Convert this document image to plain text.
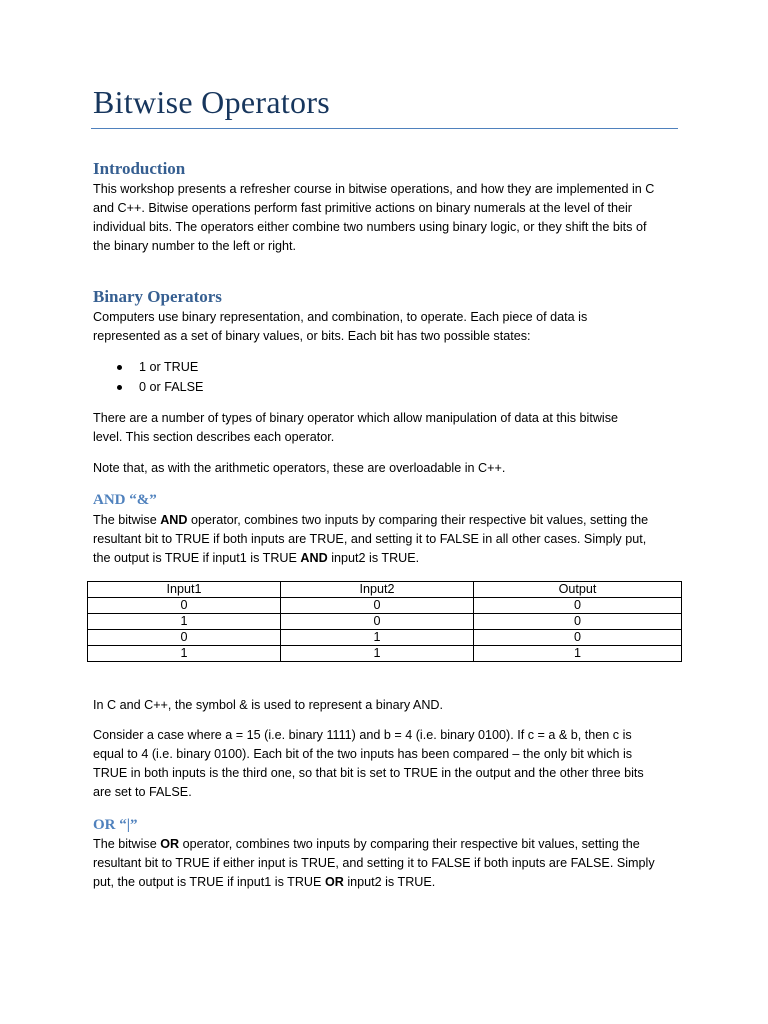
Bitwise Operators
Introduction
This workshop presents a refresher course in bitwise operations, and how they are implemented in C
and C++. Bitwise operations perform fast primitive actions on binary numerals at the level of their
individual bits. The operators either combine two numbers using binary logic, or they shift the bits of
the binary number to the left or right.
Binary Operators
Computers use binary representation, and combination, to operate. Each piece of data is
represented as a set of binary values, or bits. Each bit has two possible states:
1 or TRUE
0 or FALSE
There are a number of types of binary operator which allow manipulation of data at this bitwise
level. This section describes each operator.
Note that, as with the arithmetic operators, these are overloadable in C++.
AND “&”
The bitwise AND operator, combines two inputs by comparing their respective bit values, setting the
resultant bit to TRUE if both inputs are TRUE, and setting it to FALSE in all other cases. Simply put,
the output is TRUE if input1 is TRUE AND input2 is TRUE.
Input1	Input2	Output
0	0	0
1	0	0
0	1	0
1	1	1
In C and C++, the symbol & is used to represent a binary AND.
Consider a case where a = 15 (i.e. binary 1111) and b = 4 (i.e. binary 0100). If c = a & b, then c is
equal to 4 (i.e. binary 0100). Each bit of the two inputs has been compared – the only bit which is
TRUE in both inputs is the third one, so that bit is set to TRUE in the output and the other three bits
are set to FALSE.
OR “|”
The bitwise OR operator, combines two inputs by comparing their respective bit values, setting the
resultant bit to TRUE if either input is TRUE, and setting it to FALSE if both inputs are FALSE. Simply
put, the output is TRUE if input1 is TRUE OR input2 is TRUE.
